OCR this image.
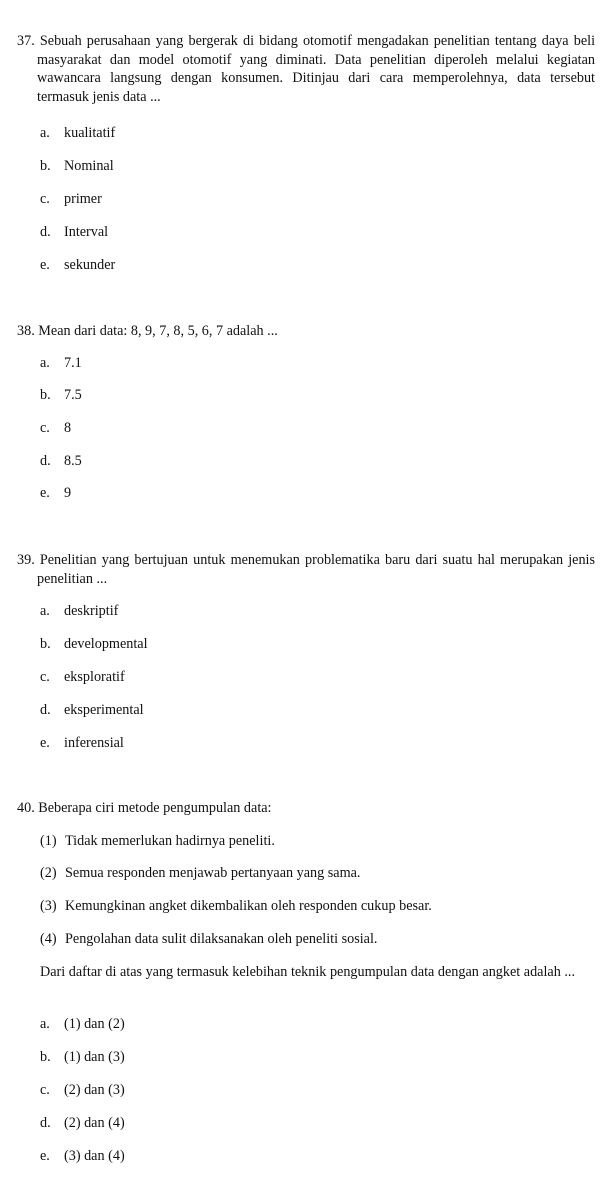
37. Sebuah perusahaan yang bergerak di bidang otomotif mengadakan penelitian tentang daya beli masyarakat dan model otomotif yang diminati. Data penelitian diperoleh melalui kegiatan wawancara langsung dengan konsumen. Ditinjau dari cara memperolehnya, data tersebut termasuk jenis data ...
a. kualitatif
b. Nominal
c. primer
d. Interval
e. sekunder
38. Mean dari data: 8, 9, 7, 8, 5, 6, 7 adalah ...
a. 7.1
b. 7.5
c. 8
d. 8.5
e. 9
39. Penelitian yang bertujuan untuk menemukan problematika baru dari suatu hal merupakan jenis penelitian ...
a. deskriptif
b. developmental
c. eksploratif
d. eksperimental
e. inferensial
40. Beberapa ciri metode pengumpulan data:
(1) Tidak memerlukan hadirnya peneliti.
(2) Semua responden menjawab pertanyaan yang sama.
(3) Kemungkinan angket dikembalikan oleh responden cukup besar.
(4) Pengolahan data sulit dilaksanakan oleh peneliti sosial.
Dari daftar di atas yang termasuk kelebihan teknik pengumpulan data dengan angket adalah ...
a. (1) dan (2)
b. (1) dan (3)
c. (2) dan (3)
d. (2) dan (4)
e. (3) dan (4)
